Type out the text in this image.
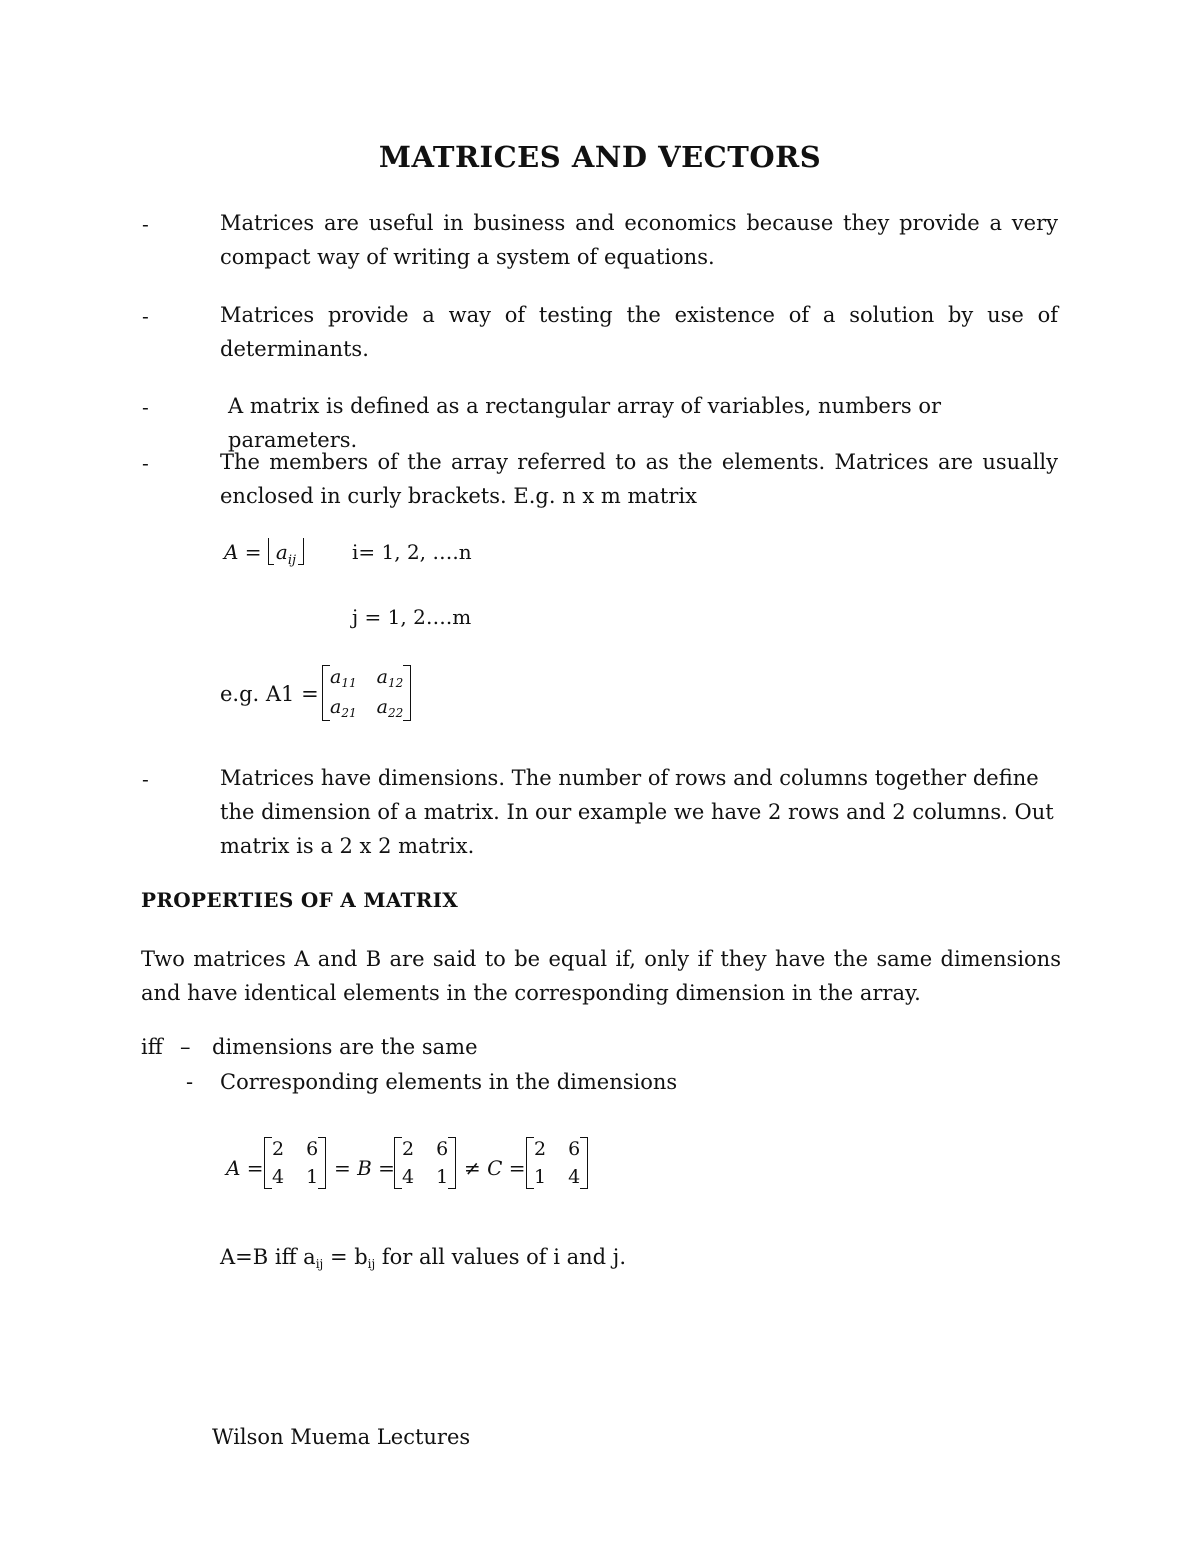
MATRICES AND VECTORS
-	Matrices are useful in business and economics because they provide a very compact way of writing a system of equations.
-	Matrices provide a way of testing the existence of a solution by use of determinants.
-	A matrix is defined as a rectangular array of variables, numbers or parameters.
-	The members of the array referred to as the elements. Matrices are usually enclosed in curly brackets. E.g. n x m matrix
$A = a_{ij}$	i= 1, 2, ….n
j = 1, 2….m
e.g. A1 =
$a_{11}$ $a_{12}$
$a_{21}$ $a_{22}$
-	Matrices have dimensions. The number of rows and columns together define the dimension of a matrix. In our example we have 2 rows and 2 columns. Out matrix is a 2 x 2 matrix.
PROPERTIES OF A MATRIX
Two matrices A and B are said to be equal if, only if they have the same dimensions and have identical elements in the corresponding dimension in the array.
iff – dimensions are the same
- Corresponding elements in the dimensions
A =
2 6
4 1 = B =
2 6
4 1 ≠ C =
2 6
1 4
A=B iff aij = bij for all values of i and j.
Wilson Muema Lectures
